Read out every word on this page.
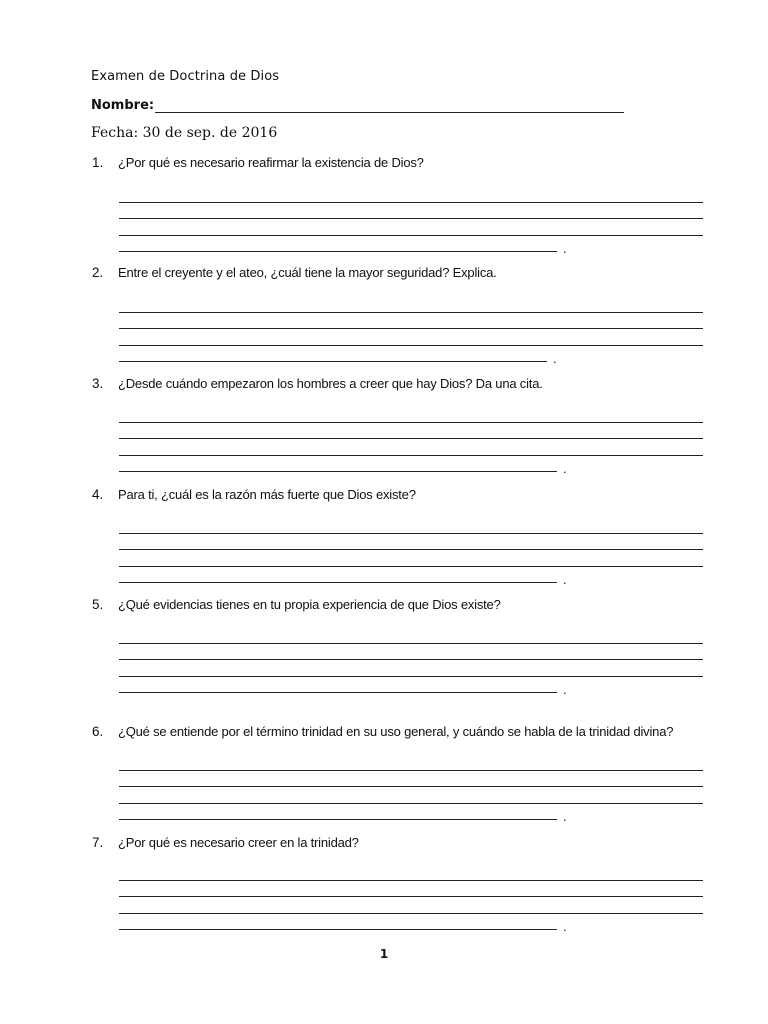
Examen de Doctrina de Dios
Nombre:
Fecha: 30 de sep. de 2016
1. ¿Por qué es necesario reafirmar la existencia de Dios?
.
2. Entre el creyente y el ateo, ¿cuál tiene la mayor seguridad? Explica.
.
3. ¿Desde cuándo empezaron los hombres a creer que hay Dios? Da una cita.
.
4. Para ti, ¿cuál es la razón más fuerte que Dios existe?
.
5. ¿Qué evidencias tienes en tu propia experiencia de que Dios existe?
.
6. ¿Qué se entiende por el término trinidad en su uso general, y cuándo se habla de la trinidad divina?
.
7. ¿Por qué es necesario creer en la trinidad?
.
1
